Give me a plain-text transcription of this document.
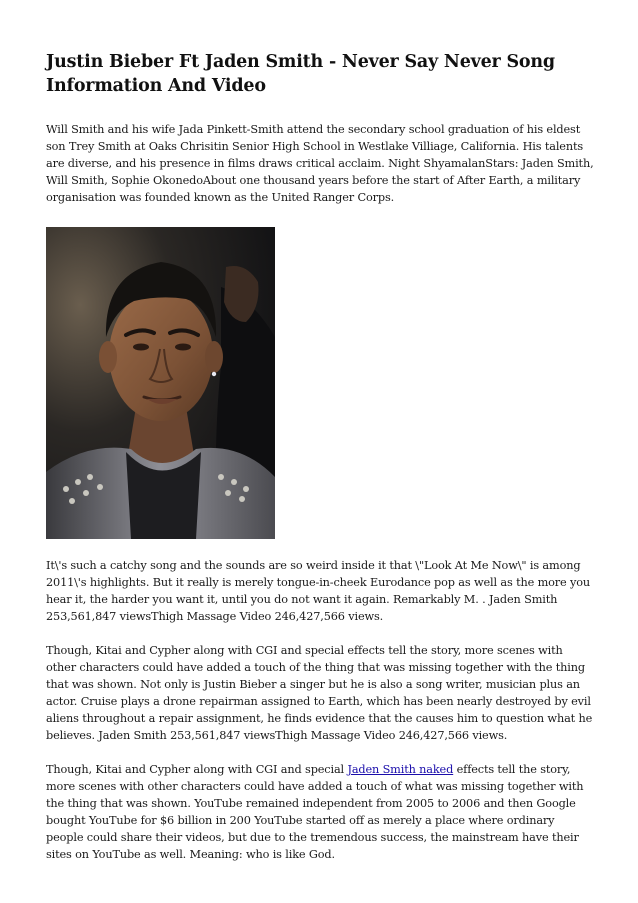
Justin Bieber Ft Jaden Smith - Never Say Never Song
Information And Video

Will Smith and his wife Jada Pinkett-Smith attend the secondary school graduation of his eldest son Trey Smith at Oaks Chrisitin Senior High School in Westlake Villiage, California. His talents are diverse, and his presence in films draws critical acclaim. Night ShyamalanStars: Jaden Smith, Will Smith, Sophie OkonedoAbout one thousand years before the start of After Earth, a military organisation was founded known as the United Ranger Corps.

It\'s such a catchy song and the sounds are so weird inside it that \"Look At Me Now\" is among 2011\'s highlights. But it really is merely tongue-in-cheek Eurodance pop as well as the more you hear it, the harder you want it, until you do not want it again. Remarkably M. . Jaden Smith 253,561,847 viewsThigh Massage Video 246,427,566 views.

Though, Kitai and Cypher along with CGI and special effects tell the story, more scenes with other characters could have added a touch of the thing that was missing together with the thing that was shown. Not only is Justin Bieber a singer but he is also a song writer, musician plus an actor. Cruise plays a drone repairman assigned to Earth, which has been nearly destroyed by evil aliens throughout a repair assignment, he finds evidence that the causes him to question what he believes. Jaden Smith 253,561,847 viewsThigh Massage Video 246,427,566 views.

Though, Kitai and Cypher along with CGI and special Jaden Smith naked effects tell the story, more scenes with other characters could have added a touch of what was missing together with the thing that was shown. YouTube remained independent from 2005 to 2006 and then Google bought YouTube for $6 billion in 200 YouTube started off as merely a place where ordinary people could share their videos, but due to the tremendous success, the mainstream have their sites on YouTube as well. Meaning: who is like God.
